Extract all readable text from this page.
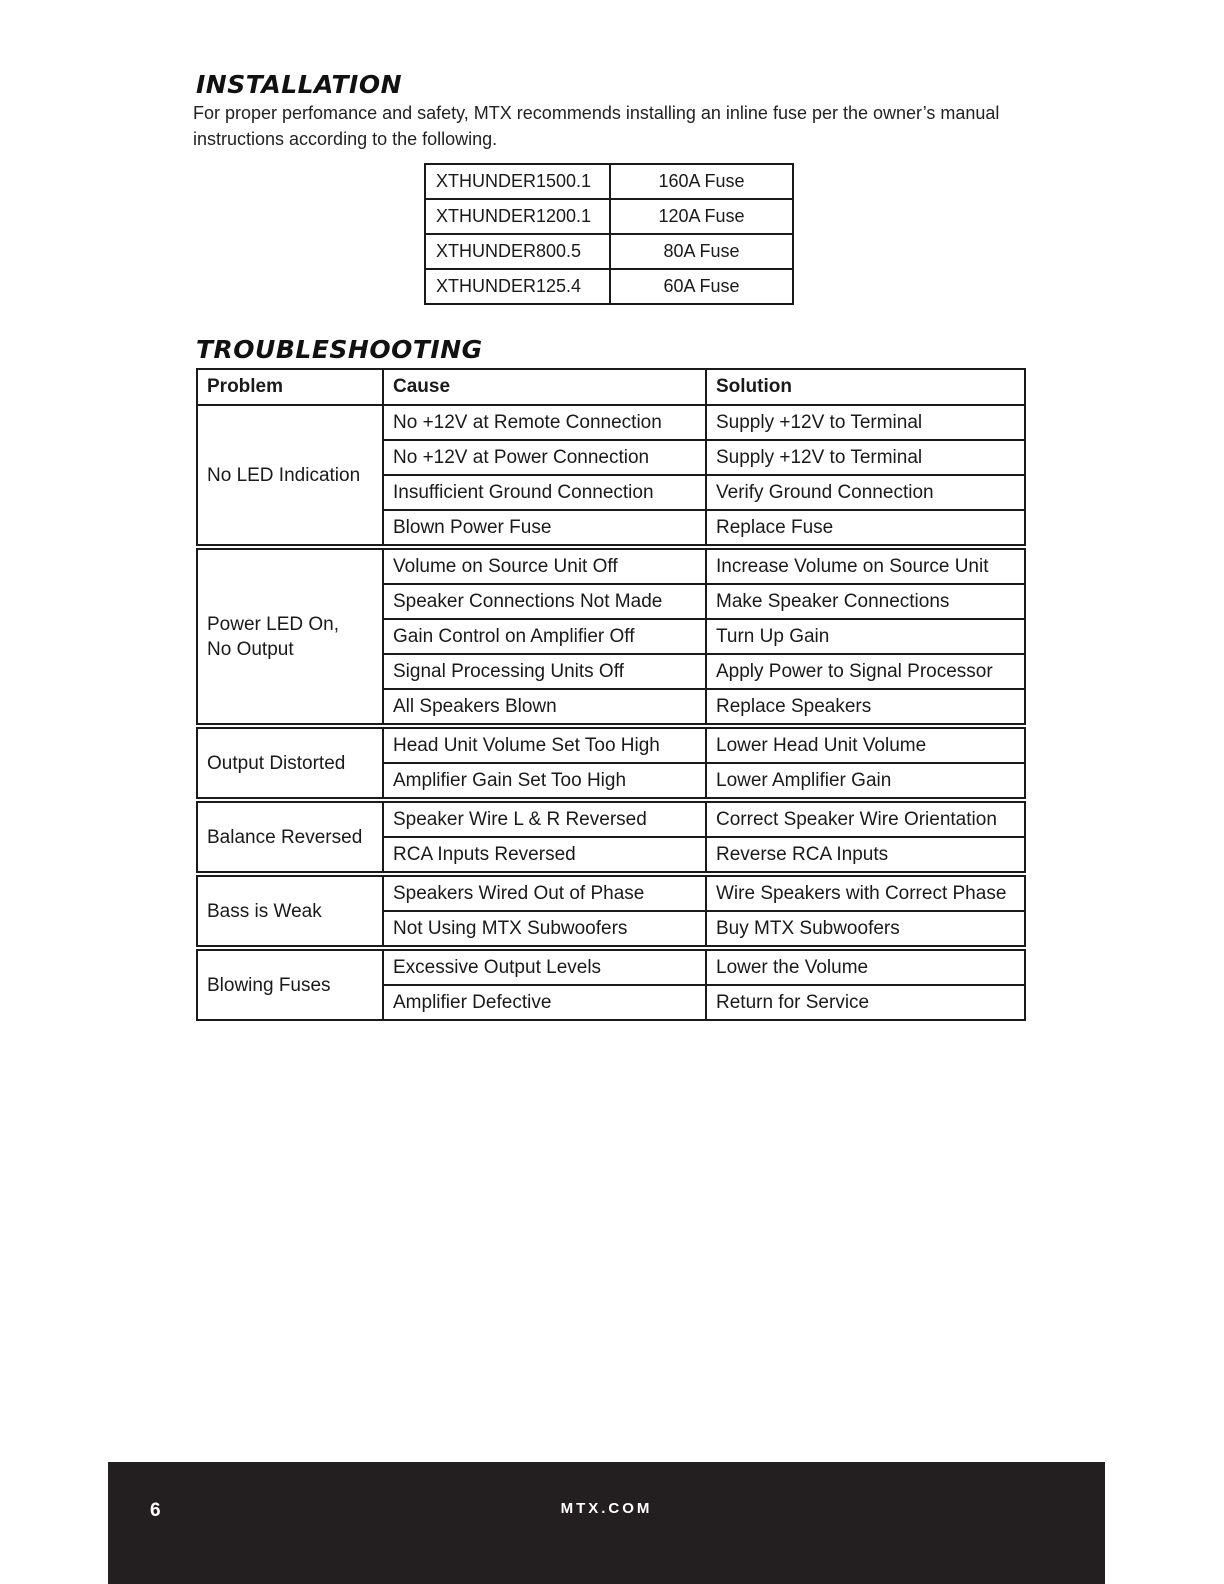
INSTALLATION
For proper perfomance and safety, MTX recommends installing an inline fuse per the owner’s manual instructions according to the following.
XTHUNDER1500.1	160A Fuse
XTHUNDER1200.1	120A Fuse
XTHUNDER800.5	80A Fuse
XTHUNDER125.4	60A Fuse
TROUBLESHOOTING
Problem	Cause	Solution
No LED Indication	No +12V at Remote Connection	Supply +12V to Terminal
	No +12V at Power Connection	Supply +12V to Terminal
	Insufficient Ground Connection	Verify Ground Connection
	Blown Power Fuse	Replace Fuse
Power LED On,
No Output	Volume on Source Unit Off	Increase Volume on Source Unit
	Speaker Connections Not Made	Make Speaker Connections
	Gain Control on Amplifier Off	Turn Up Gain
	Signal Processing Units Off	Apply Power to Signal Processor
	All Speakers Blown	Replace Speakers
Output Distorted	Head Unit Volume Set Too High	Lower Head Unit Volume
	Amplifier Gain Set Too High	Lower Amplifier Gain
Balance Reversed	Speaker Wire L & R Reversed	Correct Speaker Wire Orientation
	RCA Inputs Reversed	Reverse RCA Inputs
Bass is Weak	Speakers Wired Out of Phase	Wire Speakers with Correct Phase
	Not Using MTX Subwoofers	Buy MTX Subwoofers
Blowing Fuses	Excessive Output Levels	Lower the Volume
	Amplifier Defective	Return for Service
6	MTX.COM
